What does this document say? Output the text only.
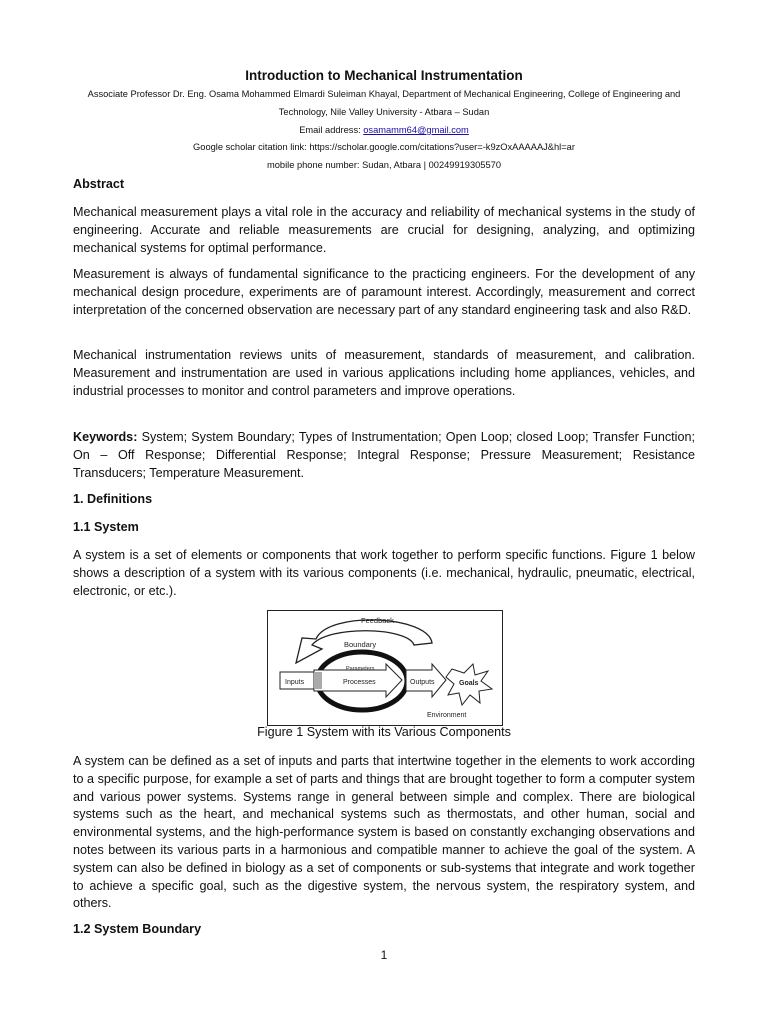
Introduction to Mechanical Instrumentation
Associate Professor Dr. Eng. Osama Mohammed Elmardi Suleiman Khayal, Department of Mechanical Engineering, College of Engineering and Technology, Nile Valley University - Atbara – Sudan
Email address: osamamm64@gmail.com
Google scholar citation link: https://scholar.google.com/citations?user=-k9zOxAAAAAJ&hl=ar
mobile phone number: Sudan, Atbara | 00249919305570

Abstract

Mechanical measurement plays a vital role in the accuracy and reliability of mechanical systems in the study of engineering. Accurate and reliable measurements are crucial for designing, analyzing, and optimizing mechanical systems for optimal performance.

Measurement is always of fundamental significance to the practicing engineers. For the development of any mechanical design procedure, experiments are of paramount interest. Accordingly, measurement and correct interpretation of the concerned observation are necessary part of any standard engineering task and also R&D.

Mechanical instrumentation reviews units of measurement, standards of measurement, and calibration. Measurement and instrumentation are used in various applications including home appliances, vehicles, and industrial processes to monitor and control parameters and improve operations.

Keywords: System; System Boundary; Types of Instrumentation; Open Loop; closed Loop; Transfer Function; On – Off Response; Differential Response; Integral Response; Pressure Measurement; Resistance Transducers; Temperature Measurement.

1. Definitions

1.1 System

A system is a set of elements or components that work together to perform specific functions. Figure 1 below shows a description of a system with its various components (i.e. mechanical, hydraulic, pneumatic, electrical, electronic, or etc.).

Feedback
Boundary
Parameters
Inputs	Processes	Outputs	Goals
Environment
Figure 1 System with its Various Components

A system can be defined as a set of inputs and parts that intertwine together in the elements to work according to a specific purpose, for example a set of parts and things that are brought together to form a computer system and various power systems. Systems range in general between simple and complex. There are biological systems such as the heart, and mechanical systems such as thermostats, and other human, social and environmental systems, and the high-performance system is based on constantly exchanging observations and notes between its various parts in a harmonious and compatible manner to achieve the goal of the system. A system can also be defined in biology as a set of components or sub-systems that integrate and work together to achieve a specific goal, such as the digestive system, the nervous system, the respiratory system, and others.

1.2 System Boundary

1
